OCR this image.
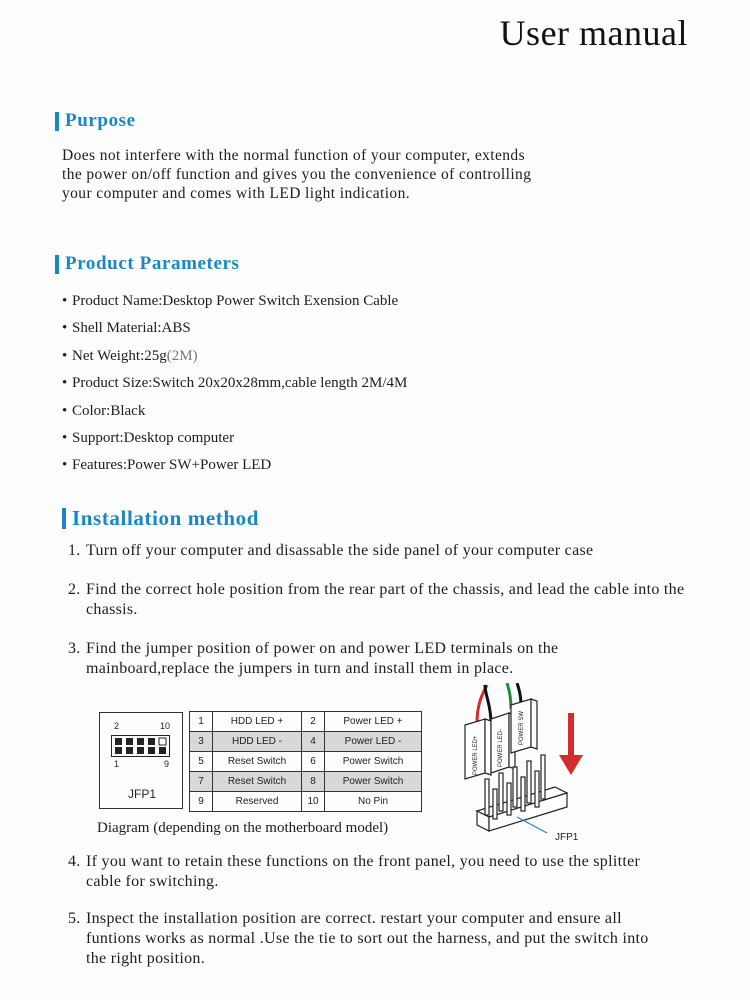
User manual
Purpose

Does not interfere with the normal function of your computer, extends
the power on/off function and gives you the convenience of controlling
your computer and comes with LED light indication.

Product Parameters
• Product Name:Desktop Power Switch Exension Cable
• Shell Material:ABS
• Net Weight:25g(2M)
• Product Size:Switch 20x20x28mm,cable length 2M/4M
• Color:Black
• Support:Desktop computer
• Features:Power SW+Power LED
Installation method
1. Turn off your computer and disassable the side panel of your computer case
2. Find the correct hole position from the rear part of the chassis, and lead the cable into the chassis.
3. Find the jumper position of power on and power LED terminals on the mainboard,replace the jumpers in turn and install them in place.
2	10
1	9
JFP1
1	HDD LED +	2	Power LED +
3	HDD LED -	4	Power LED -
5	Reset Switch	6	Power Switch
7	Reset Switch	8	Power Switch
9	Reserved	10	No Pin
POWER LED+	POWER LED-
POWER SW
JFP1
Diagram (depending on the motherboard model)
4. If you want to retain these functions on the front panel, you need to use the splitter cable for switching.
5. Inspect the installation position are correct. restart your computer and ensure all funtions works as normal .Use the tie to sort out the harness, and put the switch into the right position.
